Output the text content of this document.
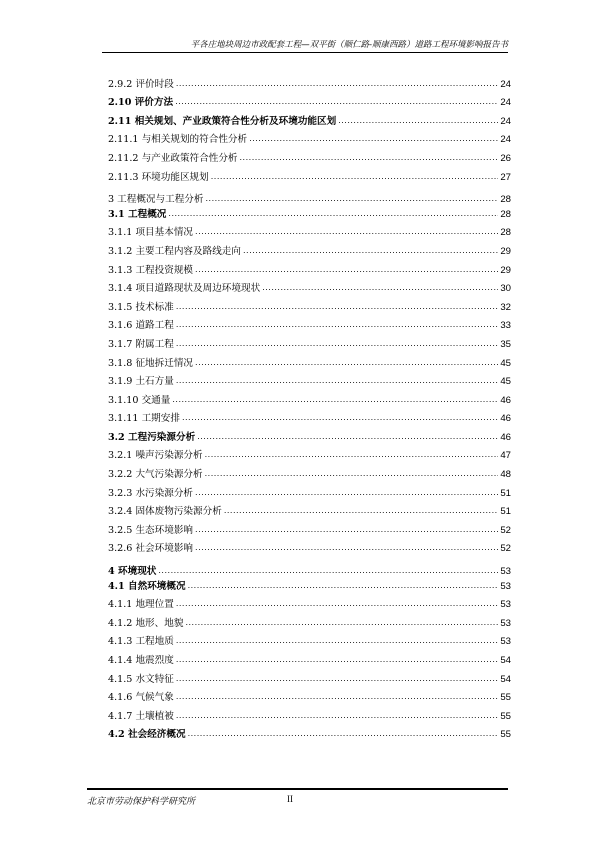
平各庄地块周边市政配套工程—双平街（顺仁路-顺康西路）道路工程环境影响报告书
2.9.2 评价时段 .....	24
2.10 评价方法 .....	24
2.11 相关规划、产业政策符合性分析及环境功能区划 .....	24
2.11.1 与相关规划的符合性分析 .....	24
2.11.2 与产业政策符合性分析 .....	26
2.11.3 环境功能区规划 .....	27
3 工程概况与工程分析 .....	28
3.1 工程概况 .....	28
3.1.1 项目基本情况 .....	28
3.1.2 主要工程内容及路线走向 .....	29
3.1.3 工程投资规模 .....	29
3.1.4 项目道路现状及周边环境现状 .....	30
3.1.5 技术标准 .....	32
3.1.6 道路工程 .....	33
3.1.7 附属工程 .....	35
3.1.8 征地拆迁情况 .....	45
3.1.9 土石方量 .....	45
3.1.10 交通量 .....	46
3.1.11 工期安排 .....	46
3.2 工程污染源分析 .....	46
3.2.1 噪声污染源分析 .....	47
3.2.2 大气污染源分析 .....	48
3.2.3 水污染源分析 .....	51
3.2.4 固体废物污染源分析 .....	51
3.2.5 生态环境影响 .....	52
3.2.6 社会环境影响 .....	52
4 环境现状 .....	53
4.1 自然环境概况 .....	53
4.1.1 地理位置 .....	53
4.1.2 地形、地貌 .....	53
4.1.3 工程地质 .....	53
4.1.4 地震烈度 .....	54
4.1.5 水文特征 .....	54
4.1.6 气候气象 .....	55
4.1.7 土壤植被 .....	55
4.2 社会经济概况 .....	55
北京市劳动保护科学研究所	II
